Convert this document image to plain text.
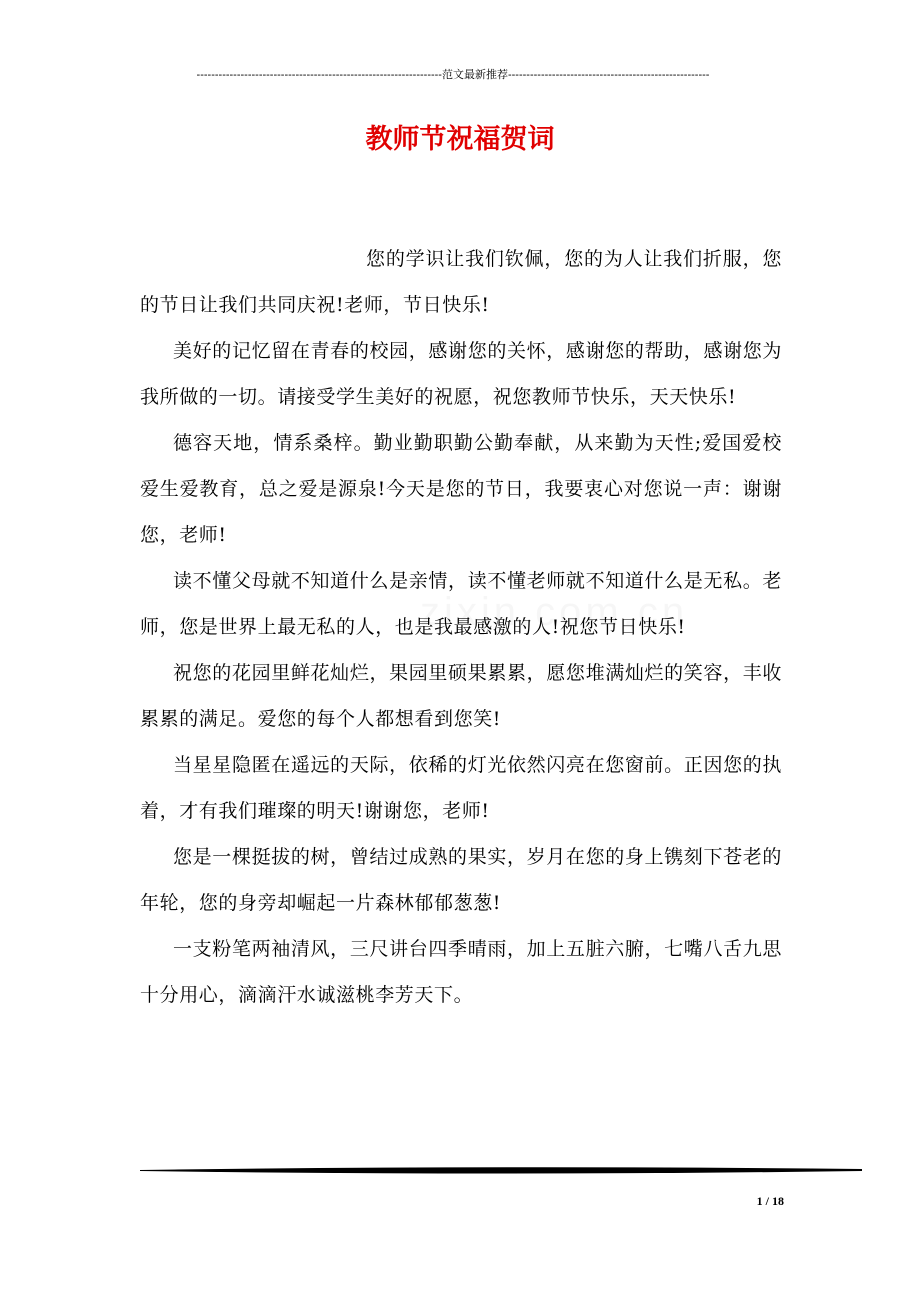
-------------------------------------------------------------------范文最新推荐-------------------------------------------------------
教师节祝福贺词

您的学识让我们钦佩，您的为人让我们折服，您的节日让我们共同庆祝!老师，节日快乐!

美好的记忆留在青春的校园，感谢您的关怀，感谢您的帮助，感谢您为我所做的一切。请接受学生美好的祝愿，祝您教师节快乐，天天快乐!

德容天地，情系桑梓。勤业勤职勤公勤奉献，从来勤为天性;爱国爱校爱生爱教育，总之爱是源泉!今天是您的节日，我要衷心对您说一声：谢谢您，老师!

读不懂父母就不知道什么是亲情，读不懂老师就不知道什么是无私。老师，您是世界上最无私的人，也是我最感激的人!祝您节日快乐!

祝您的花园里鲜花灿烂，果园里硕果累累，愿您堆满灿烂的笑容，丰收累累的满足。爱您的每个人都想看到您笑!

当星星隐匿在遥远的天际，依稀的灯光依然闪亮在您窗前。正因您的执着，才有我们璀璨的明天!谢谢您，老师!

您是一棵挺拔的树，曾结过成熟的果实，岁月在您的身上镌刻下苍老的年轮，您的身旁却崛起一片森林郁郁葱葱!

一支粉笔两袖清风，三尺讲台四季晴雨，加上五脏六腑，七嘴八舌九思十分用心，滴滴汗水诚滋桃李芳天下。

1 / 18
